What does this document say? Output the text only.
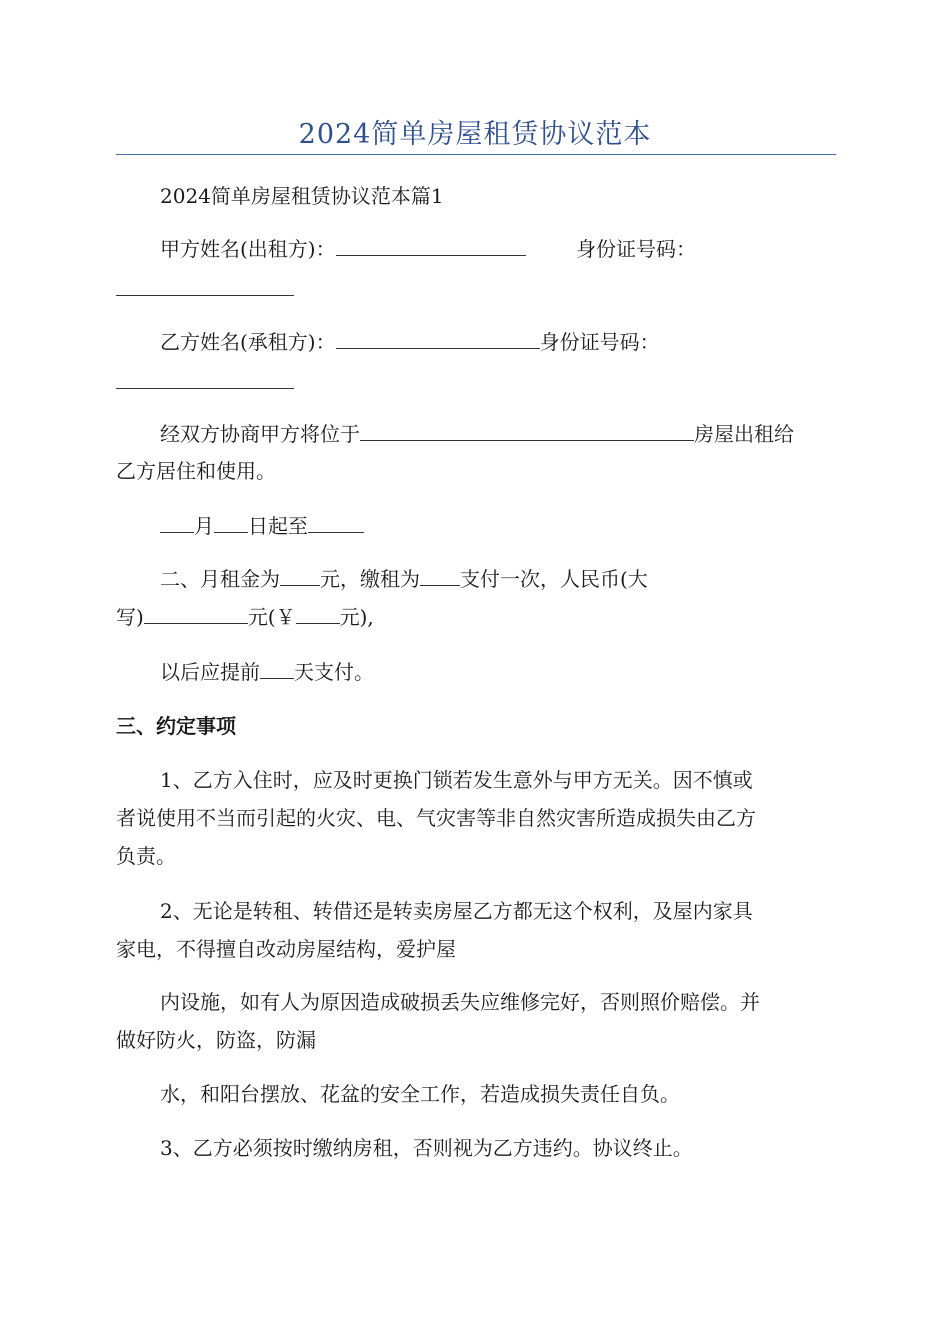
2024简单房屋租赁协议范本
2024简单房屋租赁协议范本篇1
甲方姓名(出租方)：	身份证号码：
乙方姓名(承租方)：	身份证号码：
经双方协商甲方将位于	房屋出租给
乙方居住和使用。
月 日起至
二、月租金为 元，缴租为 支付一次，人民币(大
写)	元(￥ 元),
以后应提前 天支付。
三、约定事项
1、乙方入住时，应及时更换门锁若发生意外与甲方无关。因不慎或
者说使用不当而引起的火灾、电、气灾害等非自然灾害所造成损失由乙方
负责。
2、无论是转租、转借还是转卖房屋乙方都无这个权利，及屋内家具
家电，不得擅自改动房屋结构，爱护屋
内设施，如有人为原因造成破损丢失应维修完好，否则照价赔偿。并
做好防火，防盗，防漏
水，和阳台摆放、花盆的安全工作，若造成损失责任自负。
3、乙方必须按时缴纳房租，否则视为乙方违约。协议终止。
